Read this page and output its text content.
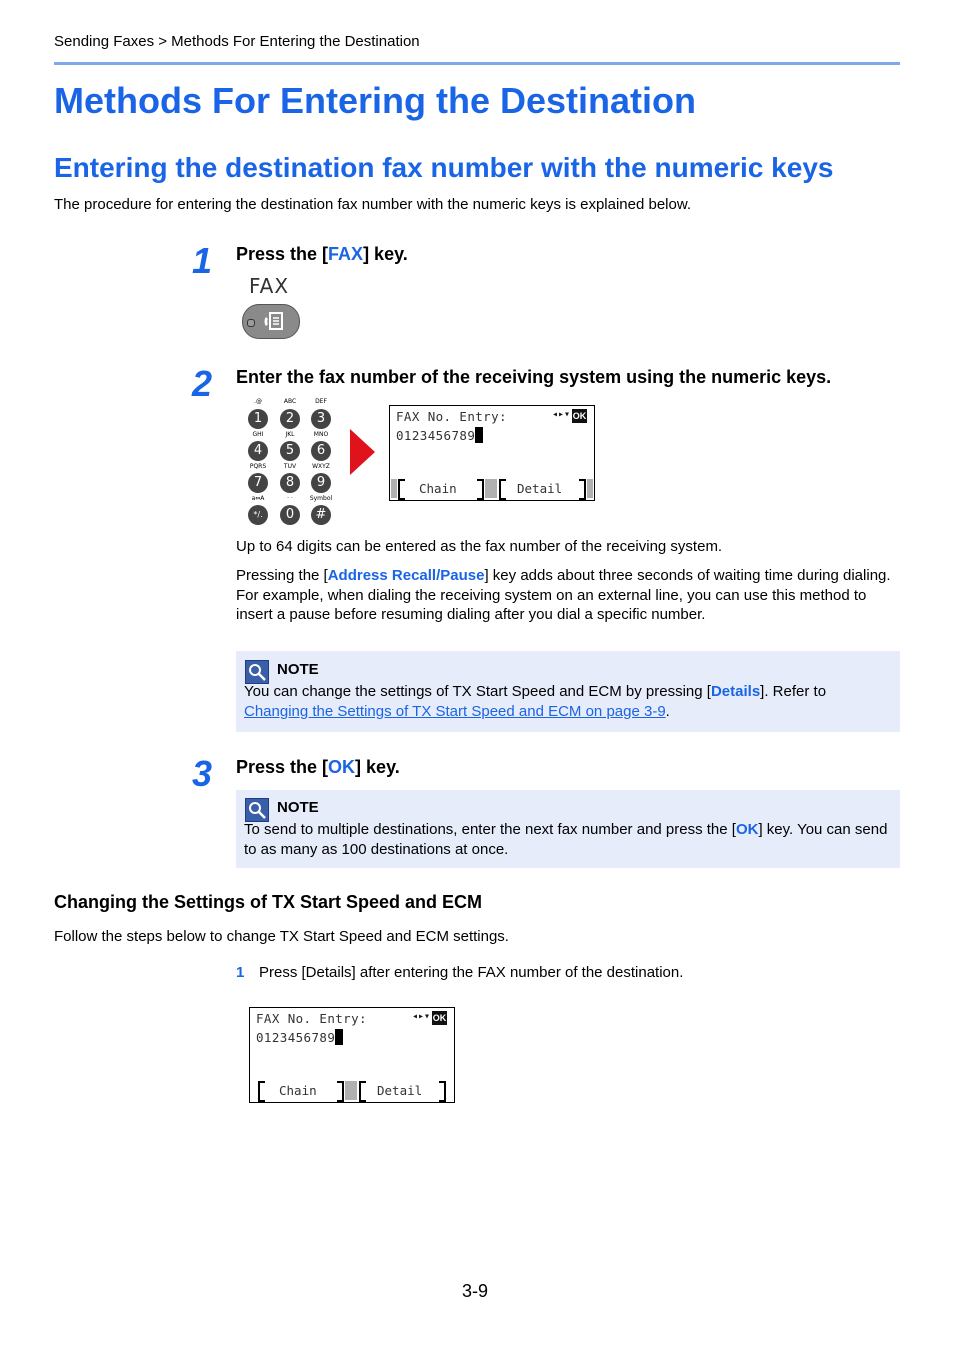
Sending Faxes > Methods For Entering the Destination
Methods For Entering the Destination
Entering the destination fax number with the numeric keys
The procedure for entering the destination fax number with the numeric keys is explained below.
1 Press the [FAX] key.
FAX
2 Enter the fax number of the receiving system using the numeric keys.
.@	ABC	DEF
1	2	3
GHI	JKL	MNO
4	5	6
PQRS	TUV	WXYZ
7	8	9
a⇔A	· ·	Symbol
*/.	0	#
FAX No. Entry:	◂▸▾ OK
0123456789
Chain	Detail
Up to 64 digits can be entered as the fax number of the receiving system.
Pressing the [Address Recall/Pause] key adds about three seconds of waiting time during dialing. For example, when dialing the receiving system on an external line, you can use this method to insert a pause before resuming dialing after you dial a specific number.
NOTE
You can change the settings of TX Start Speed and ECM by pressing [Details]. Refer to
Changing the Settings of TX Start Speed and ECM on page 3-9.
3 Press the [OK] key.
NOTE
To send to multiple destinations, enter the next fax number and press the [OK] key. You can send to as many as 100 destinations at once.
Changing the Settings of TX Start Speed and ECM
Follow the steps below to change TX Start Speed and ECM settings.
1 Press [Details] after entering the FAX number of the destination.
FAX No. Entry:	◂▸▾ OK
0123456789
Chain	Detail
3-9
